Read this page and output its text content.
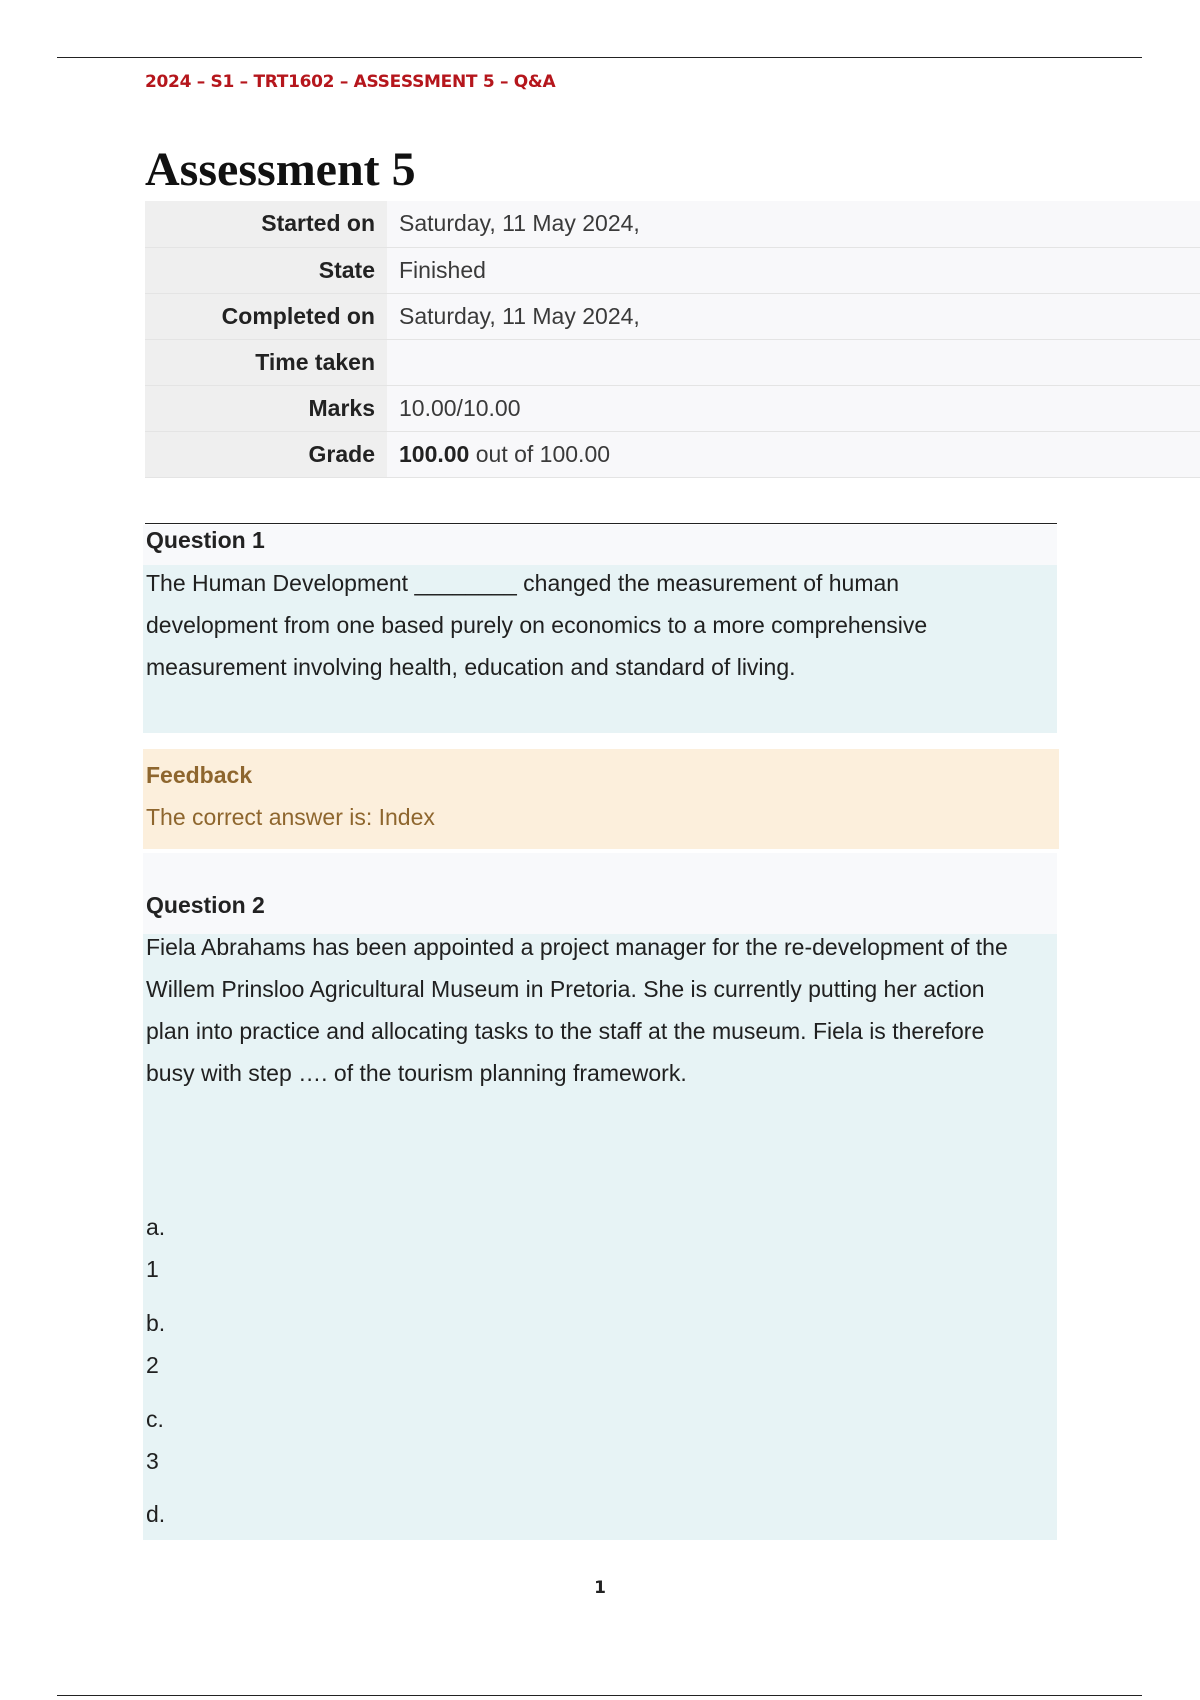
2024 – S1 – TRT1602 – ASSESSMENT 5 – Q&A
Assessment 5
Started on	Saturday, 11 May 2024,
State	Finished
Completed on	Saturday, 11 May 2024,
Time taken	
Marks	10.00/10.00
Grade	100.00 out of 100.00
Question 1
The Human Development ________ changed the measurement of human
development from one based purely on economics to a more comprehensive
measurement involving health, education and standard of living.
Feedback
The correct answer is: Index
Question 2
Fiela Abrahams has been appointed a project manager for the re-development of the
Willem Prinsloo Agricultural Museum in Pretoria. She is currently putting her action
plan into practice and allocating tasks to the staff at the museum. Fiela is therefore
busy with step …. of the tourism planning framework.
a.
1
b.
2
c.
3
d.
1
